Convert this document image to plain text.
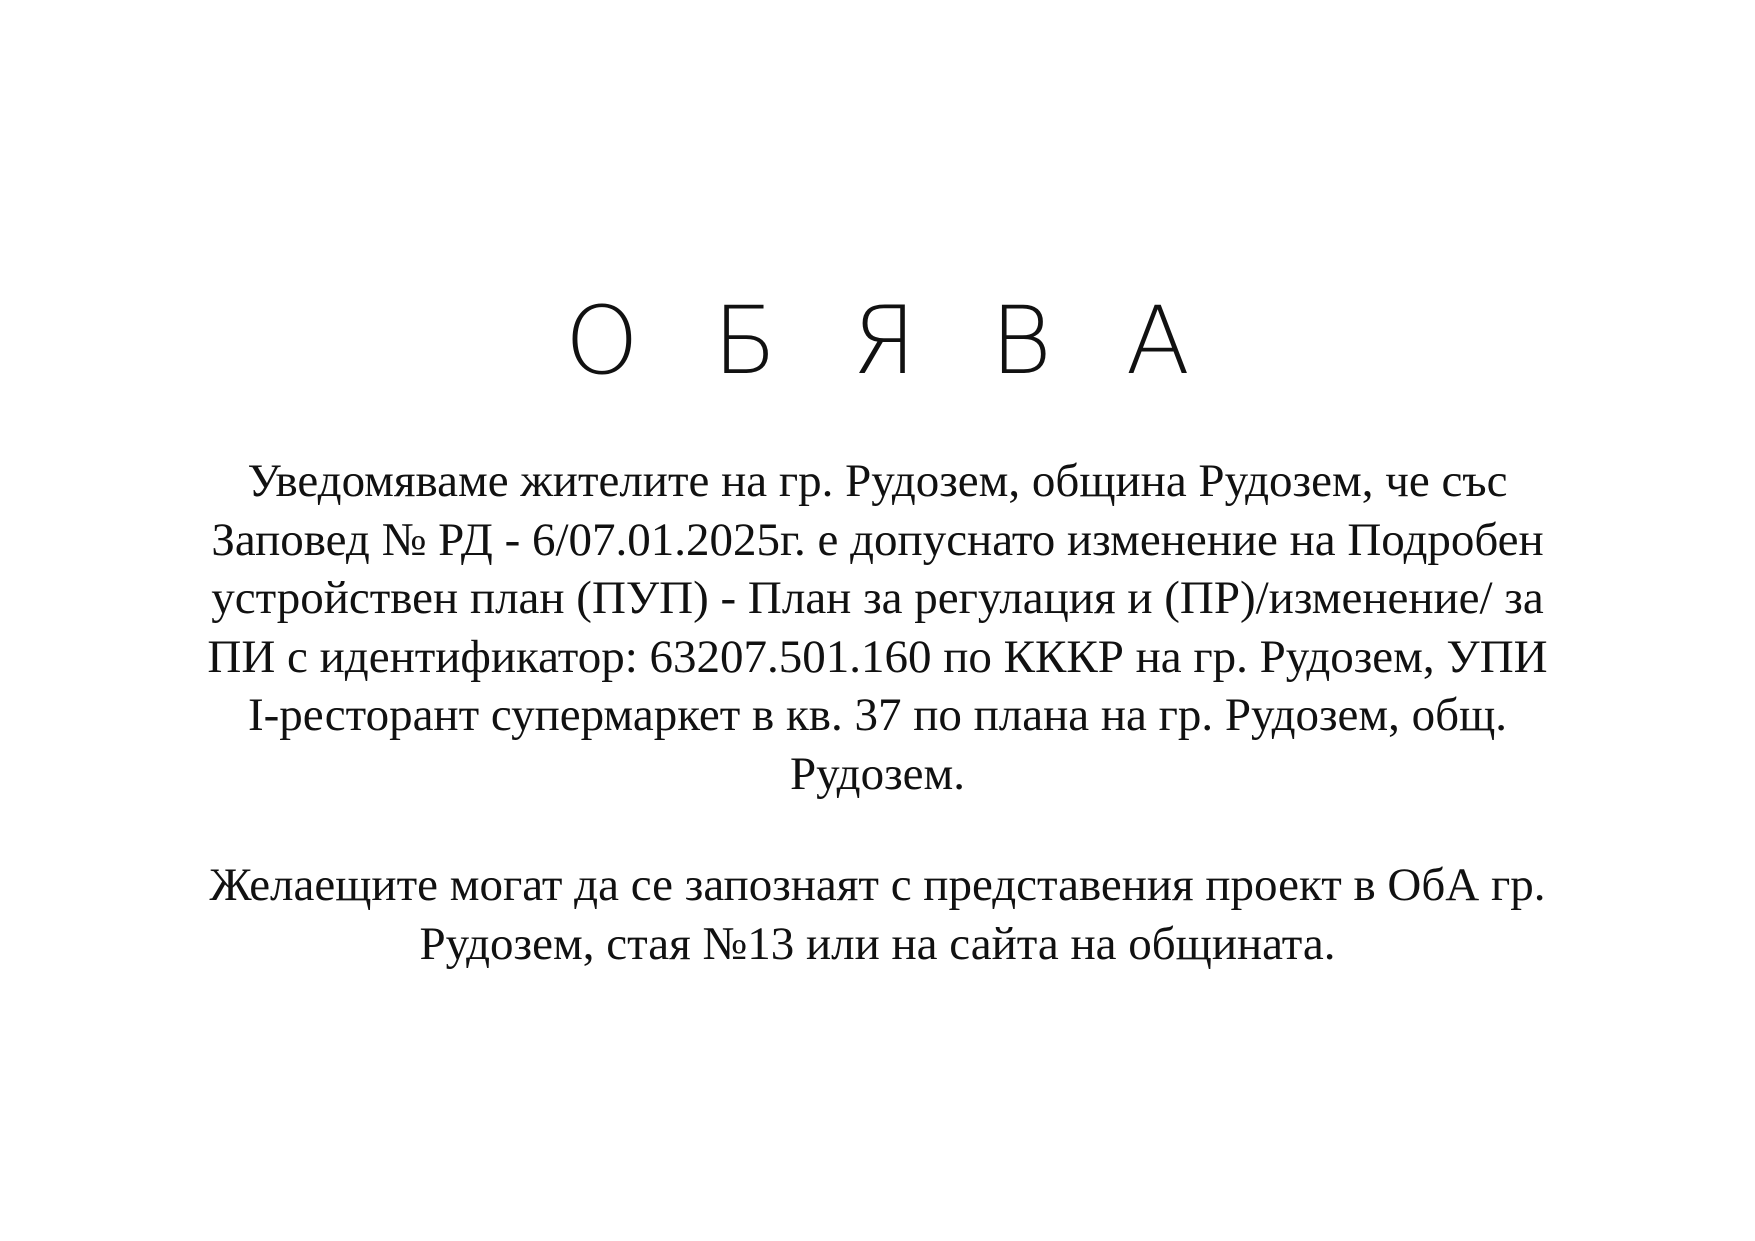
О Б Я В А

Уведомяваме жителите на гр. Рудозем, община Рудозем, че със
Заповед № РД - 6/07.01.2025г. е допуснато изменение на Подробен
устройствен план (ПУП) - План за регулация и (ПР)/изменение/ за
ПИ с идентификатор: 63207.501.160 по КККР на гр. Рудозем, УПИ
I-ресторант супермаркет в кв. 37 по плана на гр. Рудозем, общ.
Рудозем.

Желаещите могат да се запознаят с представения проект в ОбА гр.
Рудозем, стая №13 или на сайта на общината.
